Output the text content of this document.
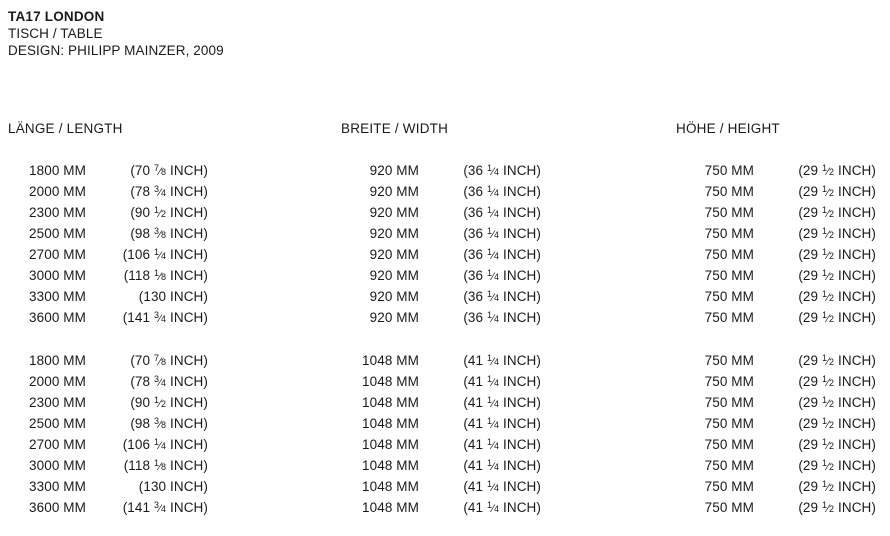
TA17 LONDON
TISCH / TABLE
DESIGN: PHILIPP MAINZER, 2009
LÄNGE / LENGTH	BREITE / WIDTH	HÖHE / HEIGHT
1800 MM	(70 $^7⁄_8$ INCH)	920 MM	(36 $^1⁄_4$ INCH)	750 MM	(29 $^1⁄_2$ INCH)
2000 MM	(78 $^3⁄_4$ INCH)	920 MM	(36 $^1⁄_4$ INCH)	750 MM	(29 $^1⁄_2$ INCH)
2300 MM	(90 $^1⁄_2$ INCH)	920 MM	(36 $^1⁄_4$ INCH)	750 MM	(29 $^1⁄_2$ INCH)
2500 MM	(98 $^3⁄_8$ INCH)	920 MM	(36 $^1⁄_4$ INCH)	750 MM	(29 $^1⁄_2$ INCH)
2700 MM	(106 $^1⁄_4$ INCH)	920 MM	(36 $^1⁄_4$ INCH)	750 MM	(29 $^1⁄_2$ INCH)
3000 MM	(118 $^1⁄_8$ INCH)	920 MM	(36 $^1⁄_4$ INCH)	750 MM	(29 $^1⁄_2$ INCH)
3300 MM	(130 INCH)	920 MM	(36 $^1⁄_4$ INCH)	750 MM	(29 $^1⁄_2$ INCH)
3600 MM	(141 $^3⁄_4$ INCH)	920 MM	(36 $^1⁄_4$ INCH)	750 MM	(29 $^1⁄_2$ INCH)
1800 MM	(70 $^7⁄_8$ INCH)	1048 MM	(41 $^1⁄_4$ INCH)	750 MM	(29 $^1⁄_2$ INCH)
2000 MM	(78 $^3⁄_4$ INCH)	1048 MM	(41 $^1⁄_4$ INCH)	750 MM	(29 $^1⁄_2$ INCH)
2300 MM	(90 $^1⁄_2$ INCH)	1048 MM	(41 $^1⁄_4$ INCH)	750 MM	(29 $^1⁄_2$ INCH)
2500 MM	(98 $^3⁄_8$ INCH)	1048 MM	(41 $^1⁄_4$ INCH)	750 MM	(29 $^1⁄_2$ INCH)
2700 MM	(106 $^1⁄_4$ INCH)	1048 MM	(41 $^1⁄_4$ INCH)	750 MM	(29 $^1⁄_2$ INCH)
3000 MM	(118 $^1⁄_8$ INCH)	1048 MM	(41 $^1⁄_4$ INCH)	750 MM	(29 $^1⁄_2$ INCH)
3300 MM	(130 INCH)	1048 MM	(41 $^1⁄_4$ INCH)	750 MM	(29 $^1⁄_2$ INCH)
3600 MM	(141 $^3⁄_4$ INCH)	1048 MM	(41 $^1⁄_4$ INCH)	750 MM	(29 $^1⁄_2$ INCH)
